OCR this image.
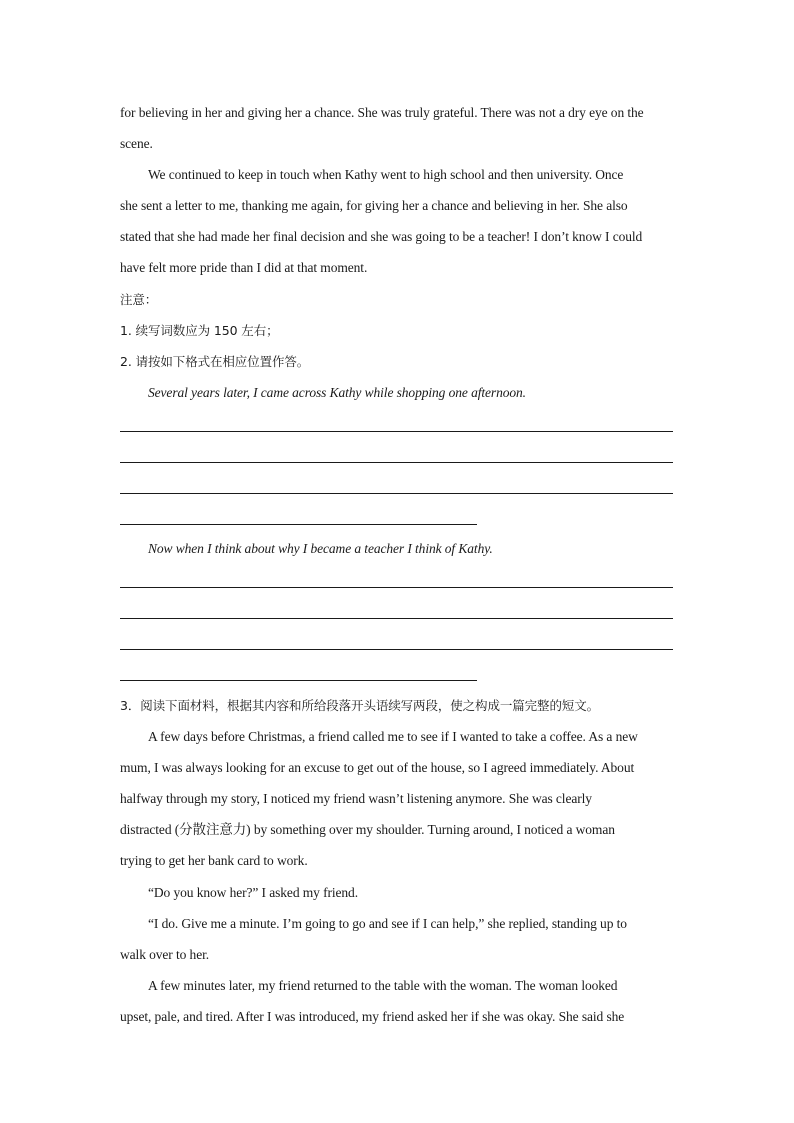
for believing in her and giving her a chance. She was truly grateful. There was not a dry eye on the
scene.
We continued to keep in touch when Kathy went to high school and then university. Once
she sent a letter to me, thanking me again, for giving her a chance and believing in her. She also
stated that she had made her final decision and she was going to be a teacher! I don’t know I could
have felt more pride than I did at that moment.
注意：
1. 续写词数应为 150 左右；
2. 请按如下格式在相应位置作答。
Several years later, I came across Kathy while shopping one afternoon.
Now when I think about why I became a teacher I think of Kathy.
3．阅读下面材料，根据其内容和所给段落开头语续写两段，使之构成一篇完整的短文。
A few days before Christmas, a friend called me to see if I wanted to take a coffee. As a new
mum, I was always looking for an excuse to get out of the house, so I agreed immediately. About
halfway through my story, I noticed my friend wasn’t listening anymore. She was clearly
distracted (分散注意力) by something over my shoulder. Turning around, I noticed a woman
trying to get her bank card to work.
“Do you know her?” I asked my friend.
“I do. Give me a minute. I’m going to go and see if I can help,” she replied, standing up to
walk over to her.
A few minutes later, my friend returned to the table with the woman. The woman looked
upset, pale, and tired. After I was introduced, my friend asked her if she was okay. She said she
